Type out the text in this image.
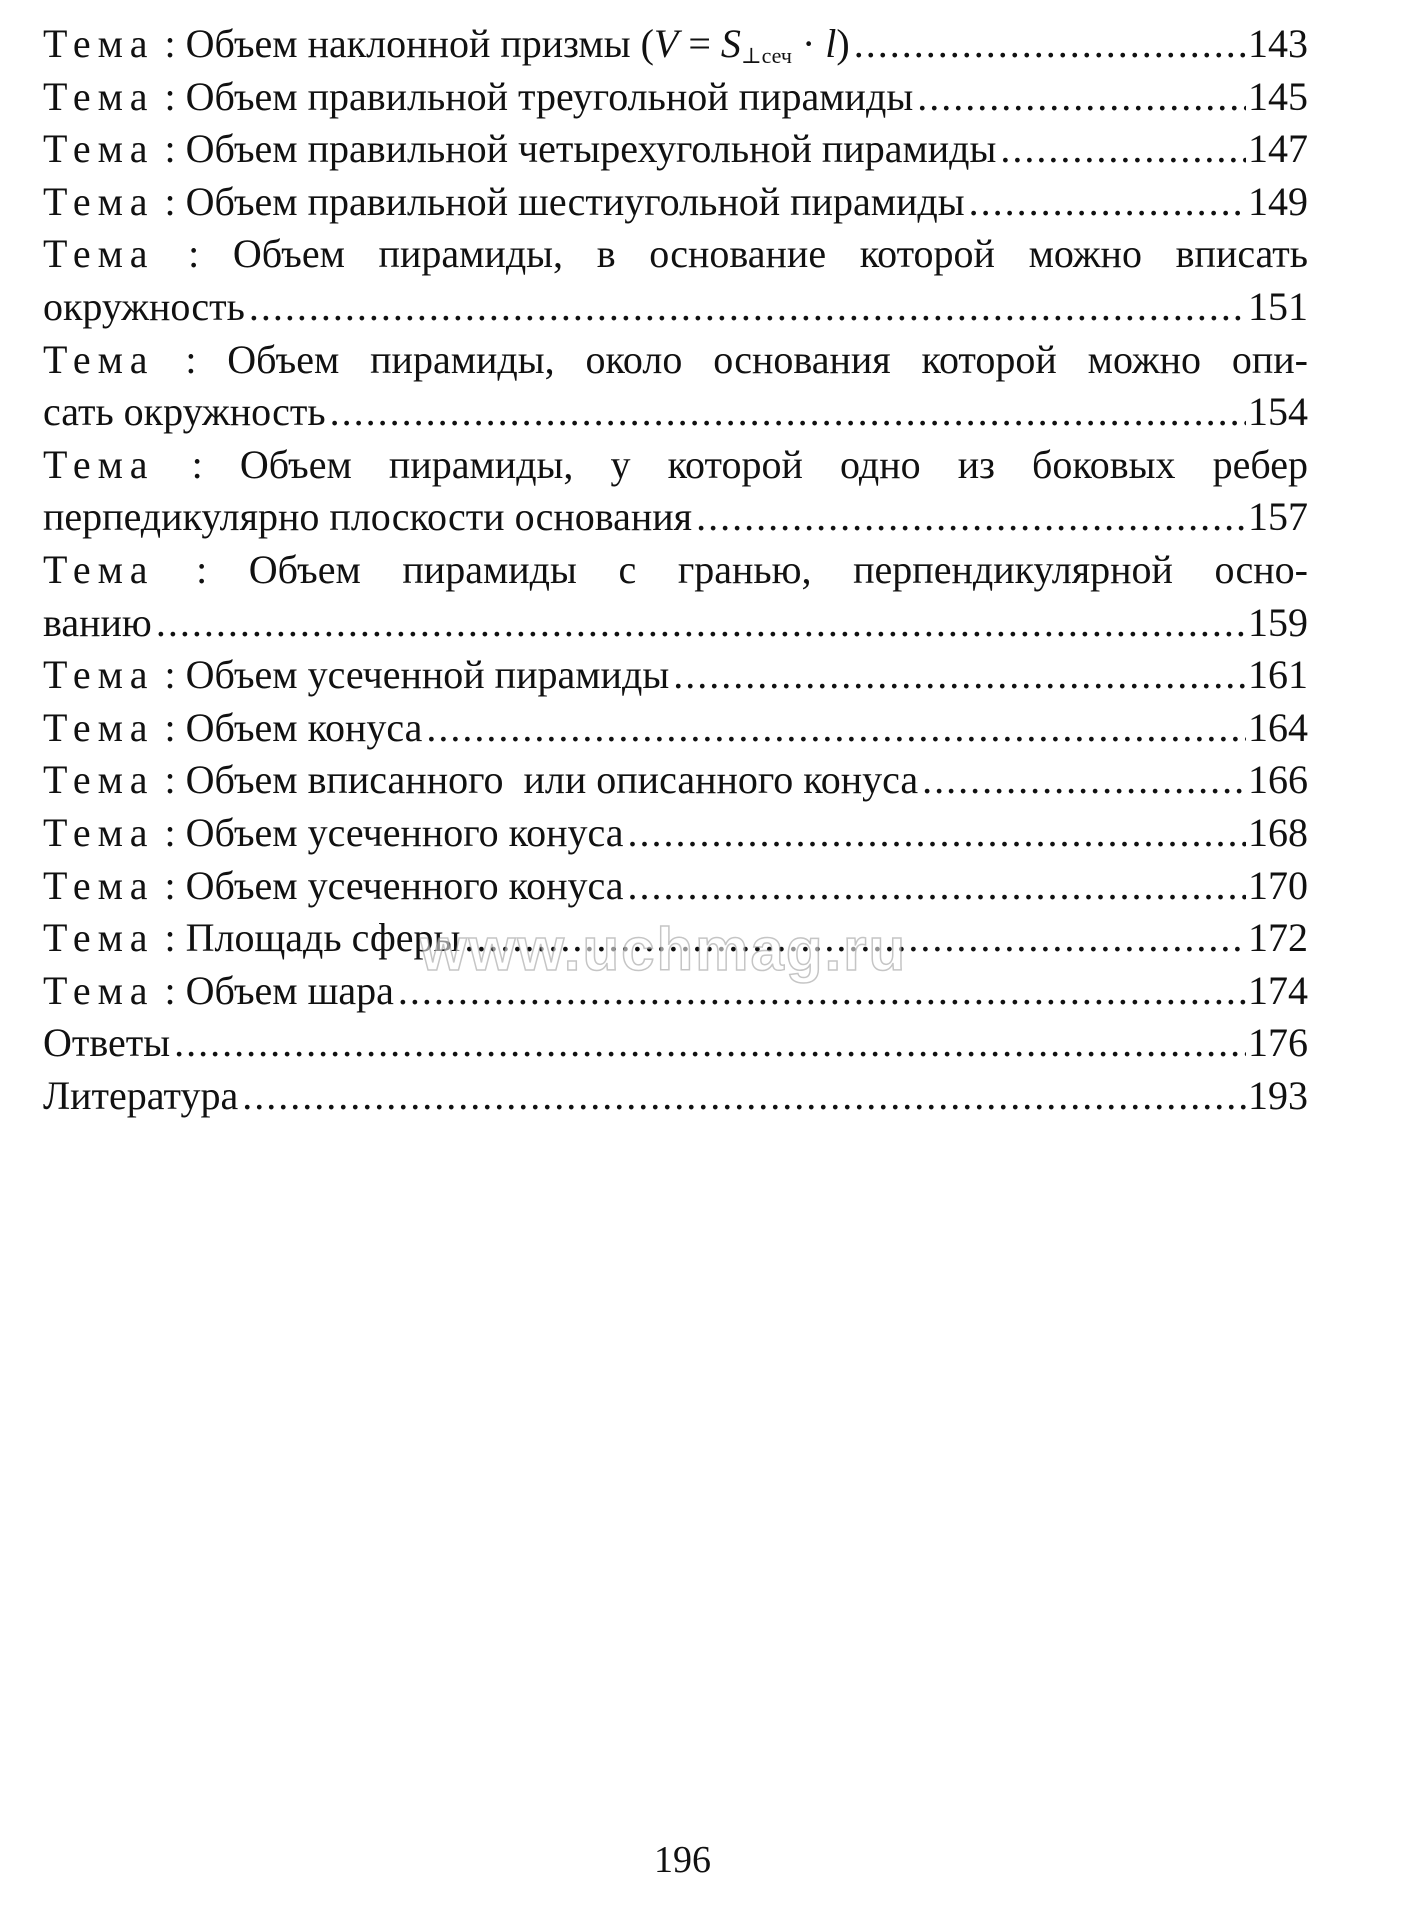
Тема : Объем наклонной призмы ( $V = S_{\perp сеч} \cdot l$ ) .....	143
Тема : Объем правильной треугольной пирамиды .....	145
Тема : Объем правильной четырехугольной пирамиды .....	147
Тема : Объем правильной шестиугольной пирамиды .....	149
Тема : Объем пирамиды, в основание которой можно вписать
окружность .....	151
Тема : Объем пирамиды, около основания которой можно опи-
сать окружность .....	154
Тема : Объем пирамиды, у которой одно из боковых ребер
перпедикулярно плоскости основания .....	157
Тема : Объем пирамиды с гранью, перпендикулярной осно-
ванию .....	159
Тема : Объем усеченной пирамиды .....	161
Тема : Объем конуса .....	164
Тема : Объем вписанного  или описанного конуса .....	166
Тема : Объем усеченного конуса .....	168
Тема : Объем усеченного конуса .....	170
Тема : Площадь сферы .....	172
Тема : Объем шара .....	174
Ответы .....	176
Литература .....	193
www.uchmag.ru
196
